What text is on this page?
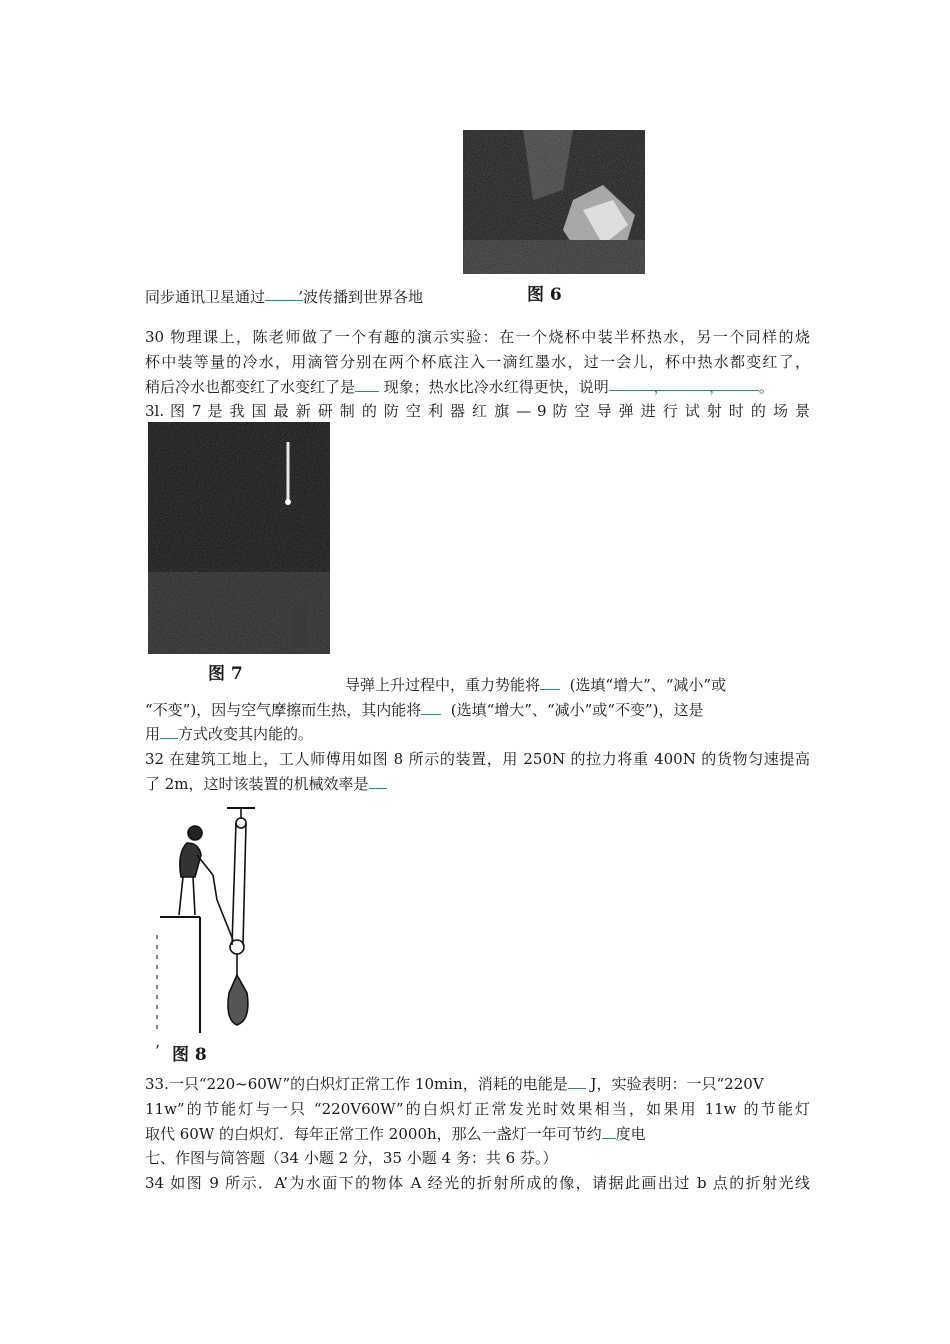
图 6
同步通讯卫星通过 ’波传播到世界各地
30 物理课上，陈老师做了一个有趣的演示实验：在一个烧杯中装半杯热水，另一个同样的烧
杯中装等量的冷水，用滴管分别在两个杯底注入一滴红墨水，过一会儿，杯中热水都变红了，
稍后冷水也都变红了水变红了是 现象；热水比冷水红得更快，说明	，	， 。
3l. 图 7 是 我 国 最 新 研 制 的 防 空 利 器 红 旗 — 9 防 空 导 弹 进 行 试 射 时 的 场 景
图 7
导弹上升过程中，重力势能将 (选填“增大”、“减小”或
“不变”)，因与空气摩擦而生热，其内能将 (选填“增大”、“减小”或“不变”)，这是
用 方式改变其内能的。
32 在建筑工地上，工人师傅用如图 8 所示的装置，用 250N 的拉力将重 400N 的货物匀速提高
了 2m，这时该装置的机械效率是
’ 图 8
33.一只“220~60W”的白炽灯正常工作 10min，消耗的电能是 J，实验表明：一只“220V
11w”的节能灯与一只 “220V60W”的白炽灯正常发光时效果相当，如果用 11w 的节能灯
取代 60W 的白炽灯．每年正常工作 2000h，那么一盏灯一年可节约 度电
七、作图与简答题（34 小题 2 分，35 小题 4 务：共 6 芬。）
34 如图 9 所示．A’为水面下的物体 A 经光的折射所成的像，请据此画出过 b 点的折射光线
